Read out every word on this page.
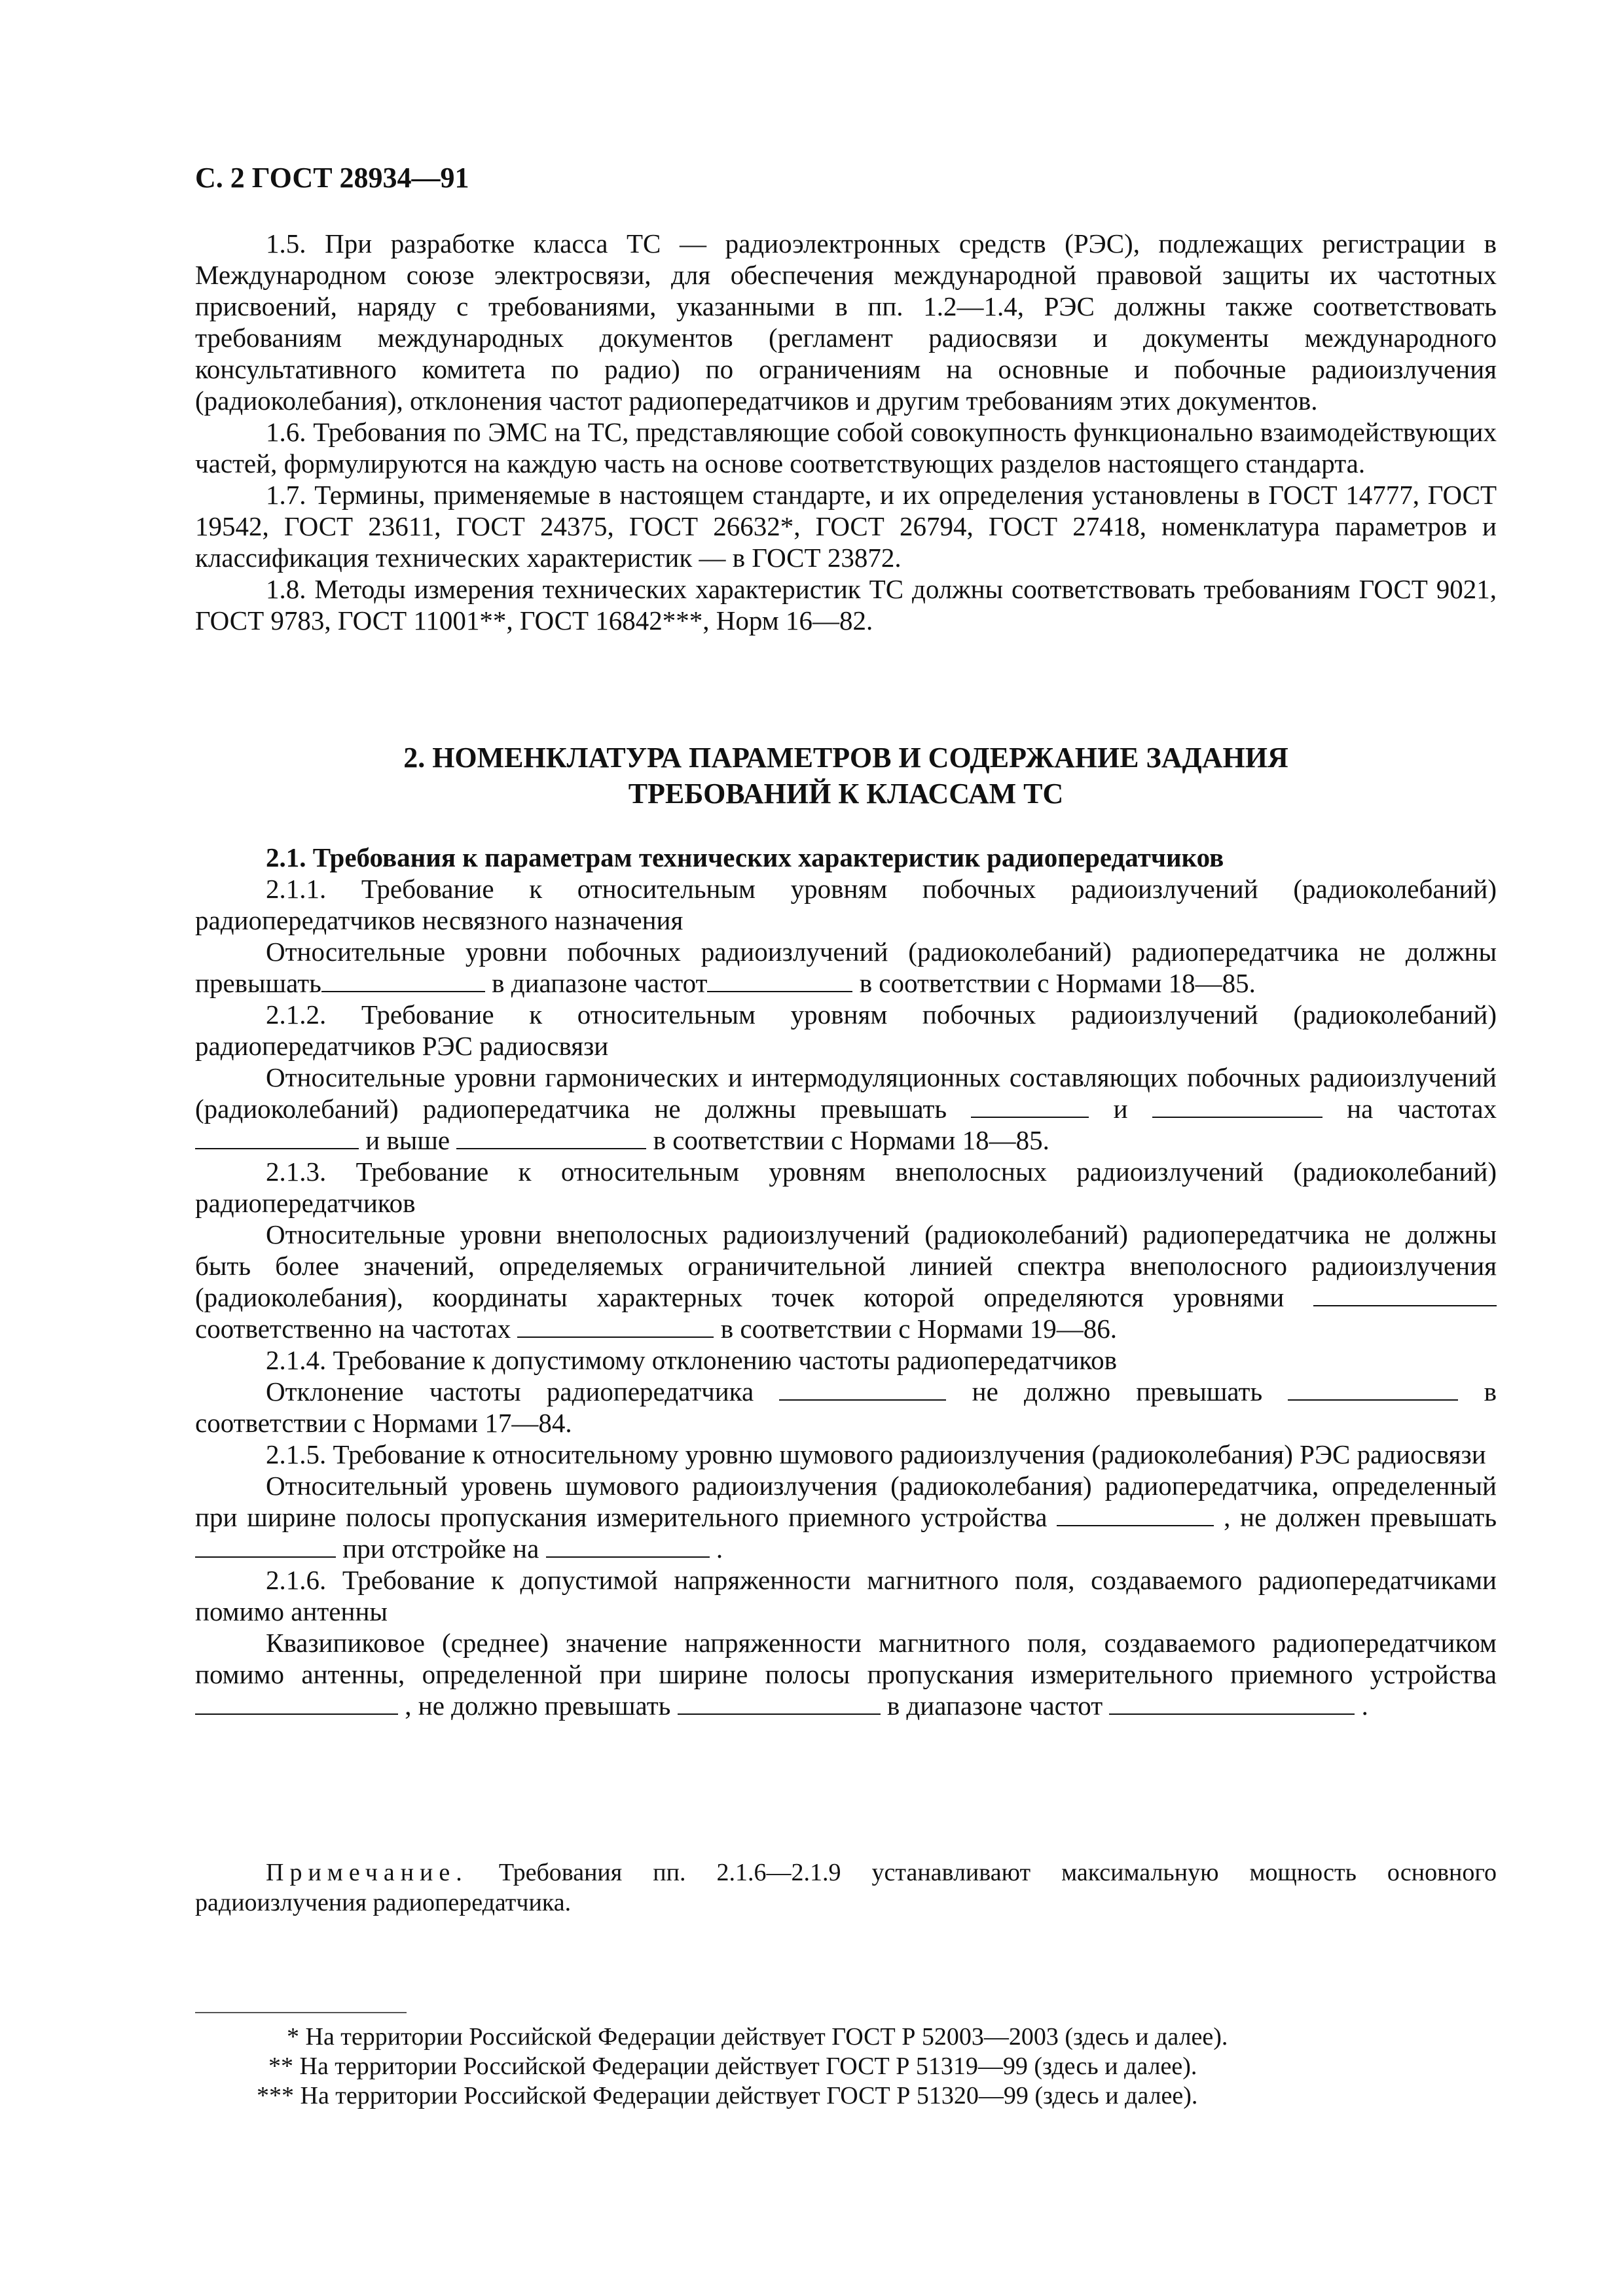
С. 2 ГОСТ 28934—91

1.5. При разработке класса ТС — радиоэлектронных средств (РЭС), подлежащих регистрации в Международном союзе электросвязи, для обеспечения международной правовой защиты их частотных присвоений, наряду с требованиями, указанными в пп. 1.2—1.4, РЭС должны также соответствовать требованиям международных документов (регламент радиосвязи и документы международного консультативного комитета по радио) по ограничениям на основные и побочные радиоизлучения (радиоколебания), отклонения частот радиопередатчиков и другим требованиям этих документов.

1.6. Требования по ЭМС на ТС, представляющие собой совокупность функционально взаимодействующих частей, формулируются на каждую часть на основе соответствующих разделов настоящего стандарта.

1.7. Термины, применяемые в настоящем стандарте, и их определения установлены в ГОСТ 14777, ГОСТ 19542, ГОСТ 23611, ГОСТ 24375, ГОСТ 26632*, ГОСТ 26794, ГОСТ 27418, номенклатура параметров и классификация технических характеристик — в ГОСТ 23872.

1.8. Методы измерения технических характеристик ТС должны соответствовать требованиям ГОСТ 9021, ГОСТ 9783, ГОСТ 11001**, ГОСТ 16842***, Норм 16—82.

2. НОМЕНКЛАТУРА ПАРАМЕТРОВ И СОДЕРЖАНИЕ ЗАДАНИЯ
ТРЕБОВАНИЙ К КЛАССАМ ТС

2.1. Требования к параметрам технических характеристик радиопередатчиков

2.1.1. Требование к относительным уровням побочных радиоизлучений (радиоколебаний) радиопередатчиков несвязного назначения

Относительные уровни побочных радиоизлучений (радиоколебаний) радиопередатчика не должны превышать	в диапазоне частот	в соответствии с Нормами 18—85.

2.1.2. Требование к относительным уровням побочных радиоизлучений (радиоколебаний) радиопередатчиков РЭС радиосвязи

Относительные уровни гармонических и интермодуляционных составляющих побочных радиоизлучений (радиоколебаний) радиопередатчика не должны превышать	и	на частотах  и выше	в соответствии с Нормами 18—85.

2.1.3. Требование к относительным уровням внеполосных радиоизлучений (радиоколебаний) радиопередатчиков

Относительные уровни внеполосных радиоизлучений (радиоколебаний) радиопередатчика не должны быть более значений, определяемых ограничительной линией спектра внеполосного радиоизлучения (радиоколебания), координаты характерных точек которой определяются уровнями  соответственно на частотах	в соответствии с Нормами 19—86.

2.1.4. Требование к допустимому отклонению частоты радиопередатчиков

Отклонение частоты радиопередатчика	не должно превышать	в соответствии с Нормами 17—84.

2.1.5. Требование к относительному уровню шумового радиоизлучения (радиоколебания) РЭС радиосвязи

Относительный уровень шумового радиоизлучения (радиоколебания) радиопередатчика, определенный при ширине полосы пропускания измерительного приемного устройства	, не должен превышать  при отстройке на	.

2.1.6. Требование к допустимой напряженности магнитного поля, создаваемого радиопередатчиками помимо антенны

Квазипиковое (среднее) значение напряженности магнитного поля, создаваемого радиопередатчиком помимо антенны, определенной при ширине полосы пропускания измерительного приемного устройства  , не должно превышать	в диапазоне частот	.

Примечание. Требования пп. 2.1.6—2.1.9 устанавливают максимальную мощность основного радиоизлучения радиопередатчика.

* На территории Российской Федерации действует ГОСТ Р 52003—2003 (здесь и далее).
** На территории Российской Федерации действует ГОСТ Р 51319—99 (здесь и далее).
*** На территории Российской Федерации действует ГОСТ Р 51320—99 (здесь и далее).
